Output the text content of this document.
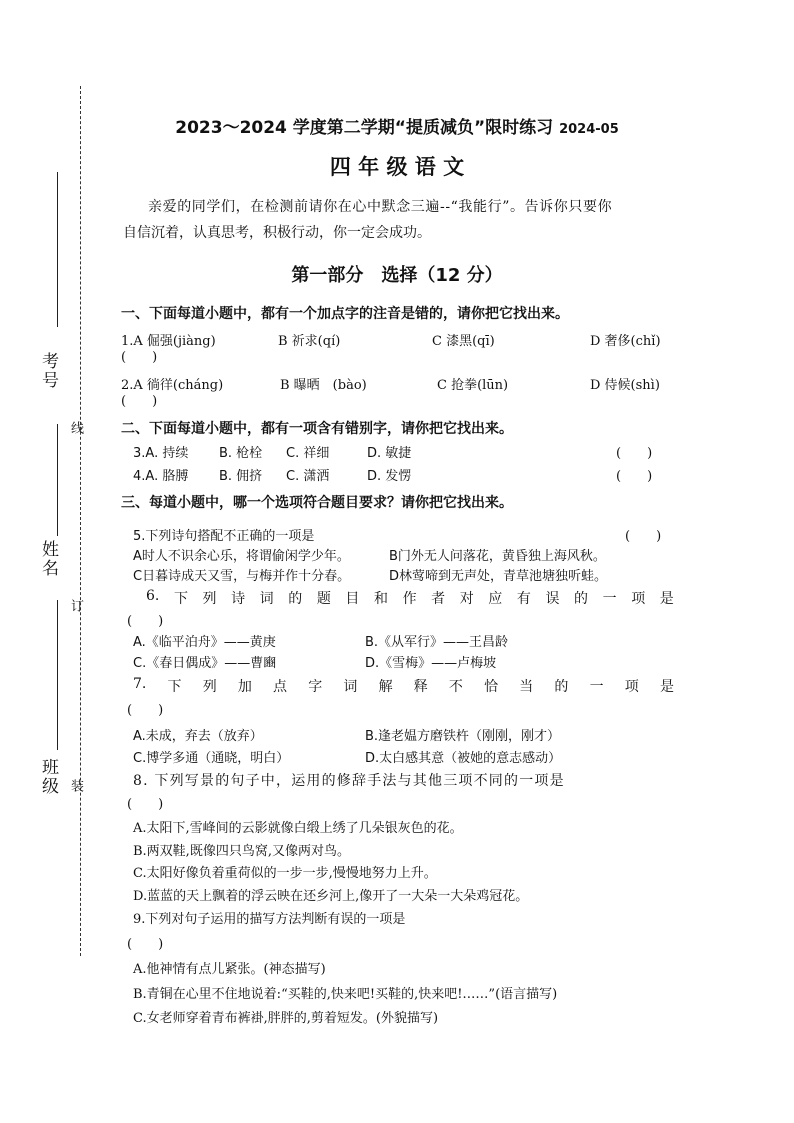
考号
姓名
班级
线
订
装
2023～2024 学度第二学期“提质减负”限时练习 2024-05
四 年 级 语 文
亲爱的同学们，在检测前请你在心中默念三遍--“我能行”。告诉你只要你
自信沉着，认真思考，积极行动，你一定会成功。
第一部分　选择（12 分）
一、下面每道小题中，都有一个加点字的注音是错的，请你把它找出来。
1.A 倔强(jiàng)	B 祈求(qí)	C 漆黑(qī)	D 奢侈(chǐ)
(　　)
2.A 徜徉(cháng)	B 曝晒　(bào)	C 抢拳(lūn)	D 侍候(shì)
(　　)
二、下面每道小题中，都有一项含有错别字，请你把它找出来。
3.A. 持续 B. 枪栓 C. 祥细	D. 敏捷	(　　)
4.A. 胳膊 B. 佣挤 C. 潇洒	D. 发愣	(　　)
三、每道小题中，哪一个选项符合题目要求？请你把它找出来。
5.下列诗句搭配不正确的一项是	(　　)
A时人不识余心乐，将谓偷闲学少年。	B门外无人问落花，黄昏独上海风秋。
C日暮诗成天又雪，与梅并作十分春。	D林莺啼到无声处，青草池塘独听蛙。
6. 下 列 诗 词 的 题 目 和 作 者 对 应 有 误 的 一 项 是
(　　)
A.《临平泊舟》——黄庚	B.《从军行》——王昌龄
C.《春日偶成》——曹豳	D.《雪梅》——卢梅坡
7. 下 列 加 点 字 词 解 释 不 恰 当 的 一 项 是
(　　)
A.未成，弃去（放弃）	B.逢老媪方磨铁杵（刚刚，刚才）
C.博学多通（通晓，明白）	D.太白感其意（被她的意志感动）
8. 下列写景的句子中，运用的修辞手法与其他三项不同的一项是
(　　)
A.太阳下,雪峰间的云影就像白缎上绣了几朵银灰色的花。
B.两双鞋,既像四只鸟窝,又像两对鸟。
C.太阳好像负着重荷似的一步一步,慢慢地努力上升。
D.蓝蓝的天上飘着的浮云映在还乡河上,像开了一大朵一大朵鸡冠花。
9.下列对句子运用的描写方法判断有误的一项是
(　　)
A.他神情有点儿紧张。(神态描写)
B.青铜在心里不住地说着:“买鞋的,快来吧!买鞋的,快来吧!……”(语言描写)
C.女老师穿着青布裤褂,胖胖的,剪着短发。(外貌描写)
